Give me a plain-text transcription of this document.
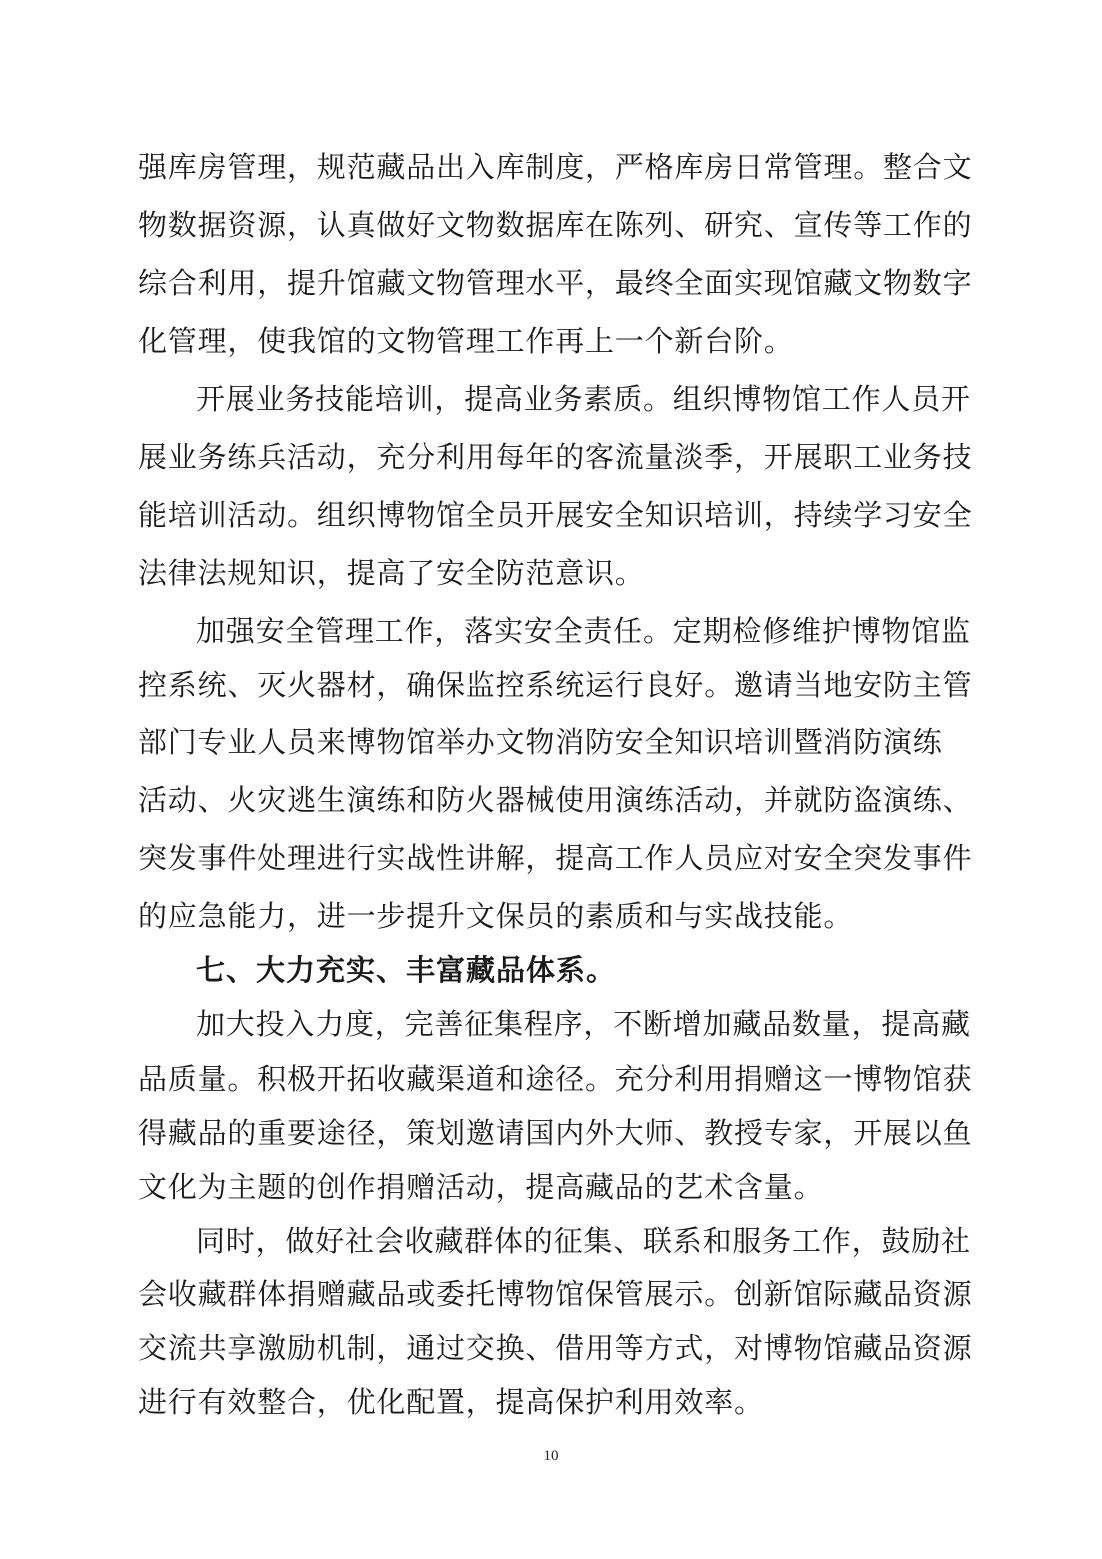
强库房管理，规范藏品出入库制度，严格库房日常管理。整合文
物数据资源，认真做好文物数据库在陈列、研究、宣传等工作的
综合利用，提升馆藏文物管理水平，最终全面实现馆藏文物数字
化管理，使我馆的文物管理工作再上一个新台阶。
开展业务技能培训，提高业务素质。组织博物馆工作人员开
展业务练兵活动，充分利用每年的客流量淡季，开展职工业务技
能培训活动。组织博物馆全员开展安全知识培训，持续学习安全
法律法规知识，提高了安全防范意识。
加强安全管理工作，落实安全责任。定期检修维护博物馆监
控系统、灭火器材，确保监控系统运行良好。邀请当地安防主管
部门专业人员来博物馆举办文物消防安全知识培训暨消防演练
活动、火灾逃生演练和防火器械使用演练活动，并就防盗演练、
突发事件处理进行实战性讲解，提高工作人员应对安全突发事件
的应急能力，进一步提升文保员的素质和与实战技能。
七、大力充实、丰富藏品体系。
加大投入力度，完善征集程序，不断增加藏品数量，提高藏
品质量。积极开拓收藏渠道和途径。充分利用捐赠这一博物馆获
得藏品的重要途径，策划邀请国内外大师、教授专家，开展以鱼
文化为主题的创作捐赠活动，提高藏品的艺术含量。
同时，做好社会收藏群体的征集、联系和服务工作，鼓励社
会收藏群体捐赠藏品或委托博物馆保管展示。创新馆际藏品资源
交流共享激励机制，通过交换、借用等方式，对博物馆藏品资源
进行有效整合，优化配置，提高保护利用效率。
10
